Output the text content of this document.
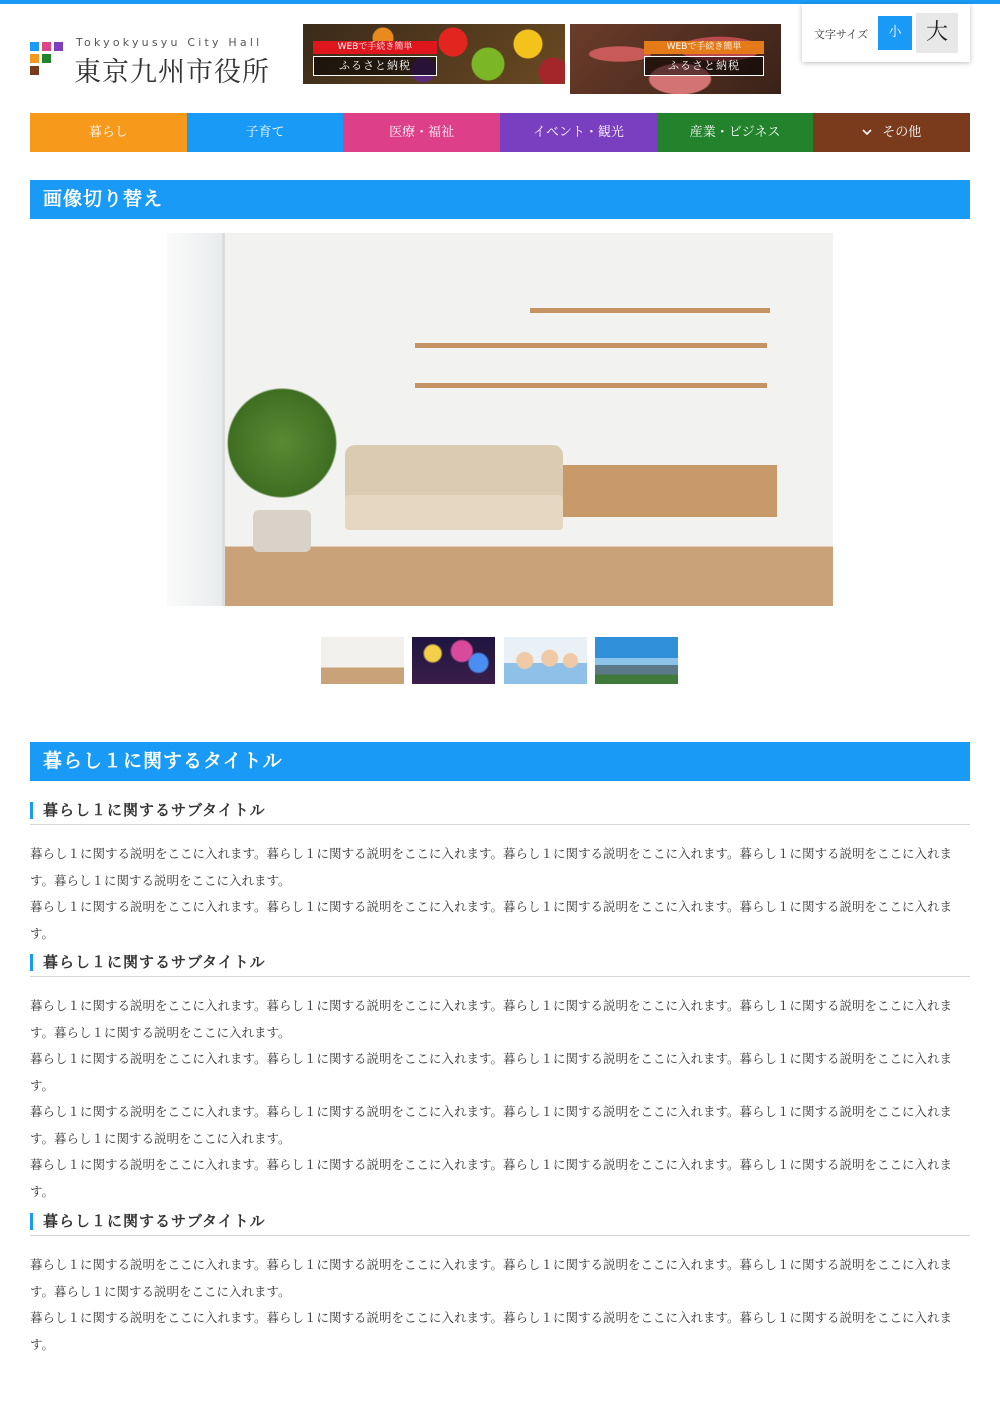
Tokyokyusyu City Hall
東京九州市役所
WEBで手続き簡単
ふるさと納税
WEBで手続き簡単
ふるさと納税
文字サイズ	小	大
暮らし	子育て	医療・福祉	イベント・観光	産業・ビジネス	その他
画像切り替え
暮らし１に関するタイトル
暮らし１に関するサブタイトル

暮らし１に関する説明をここに入れます。暮らし１に関する説明をここに入れます。暮らし１に関する説明をここに入れます。暮らし１に関する説明をここに入れます。暮らし１に関する説明をここに入れます。

暮らし１に関する説明をここに入れます。暮らし１に関する説明をここに入れます。暮らし１に関する説明をここに入れます。暮らし１に関する説明をここに入れます。

暮らし１に関するサブタイトル

暮らし１に関する説明をここに入れます。暮らし１に関する説明をここに入れます。暮らし１に関する説明をここに入れます。暮らし１に関する説明をここに入れます。暮らし１に関する説明をここに入れます。

暮らし１に関する説明をここに入れます。暮らし１に関する説明をここに入れます。暮らし１に関する説明をここに入れます。暮らし１に関する説明をここに入れます。

暮らし１に関する説明をここに入れます。暮らし１に関する説明をここに入れます。暮らし１に関する説明をここに入れます。暮らし１に関する説明をここに入れます。暮らし１に関する説明をここに入れます。

暮らし１に関する説明をここに入れます。暮らし１に関する説明をここに入れます。暮らし１に関する説明をここに入れます。暮らし１に関する説明をここに入れます。

暮らし１に関するサブタイトル

暮らし１に関する説明をここに入れます。暮らし１に関する説明をここに入れます。暮らし１に関する説明をここに入れます。暮らし１に関する説明をここに入れます。暮らし１に関する説明をここに入れます。

暮らし１に関する説明をここに入れます。暮らし１に関する説明をここに入れます。暮らし１に関する説明をここに入れます。暮らし１に関する説明をここに入れます。
